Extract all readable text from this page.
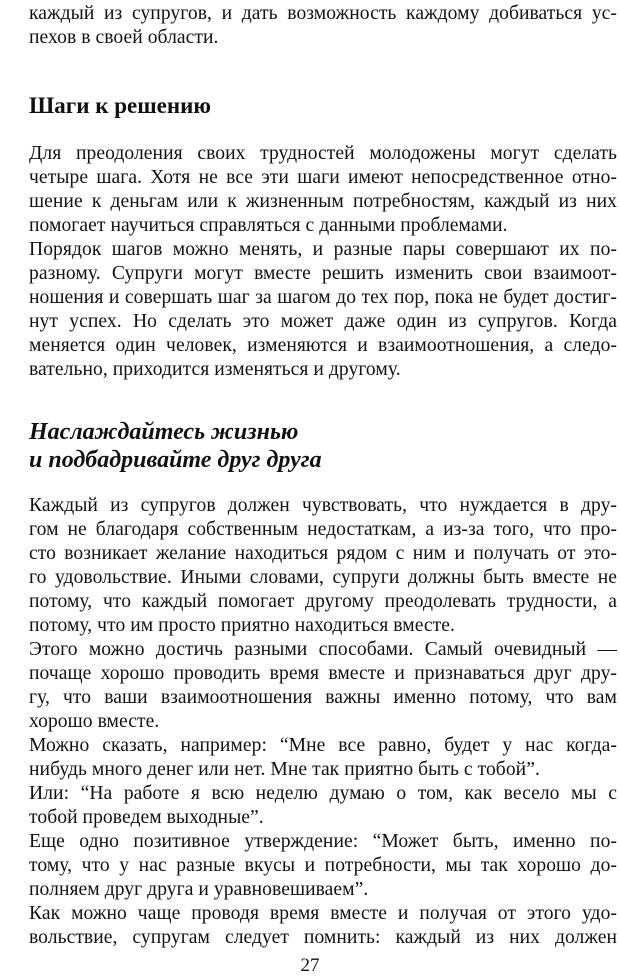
каждый из супругов, и дать возможность каждому добиваться ус-
пехов в своей области.
Шаги к решению
Для преодоления своих трудностей молодожены могут сделать
четыре шага. Хотя не все эти шаги имеют непосредственное отно-
шение к деньгам или к жизненным потребностям, каждый из них
помогает научиться справляться с данными проблемами.
Порядок шагов можно менять, и разные пары совершают их по-
разному. Супруги могут вместе решить изменить свои взаимоот-
ношения и совершать шаг за шагом до тех пор, пока не будет достиг-
нут успех. Но сделать это может даже один из супругов. Когда
меняется один человек, изменяются и взаимоотношения, а следо-
вательно, приходится изменяться и другому.
Наслаждайтесь жизнью
и подбадривайте друг друга
Каждый из супругов должен чувствовать, что нуждается в дру-
гом не благодаря собственным недостаткам, а из-за того, что про-
сто возникает желание находиться рядом с ним и получать от это-
го удовольствие. Иными словами, супруги должны быть вместе не
потому, что каждый помогает другому преодолевать трудности, а
потому, что им просто приятно находиться вместе.
Этого можно достичь разными способами. Самый очевидный —
почаще хорошо проводить время вместе и признаваться друг дру-
гу, что ваши взаимоотношения важны именно потому, что вам
хорошо вместе.
Можно сказать, например: “Мне все равно, будет у нас когда-
нибудь много денег или нет. Мне так приятно быть с тобой”.
Или: “На работе я всю неделю думаю о том, как весело мы с
тобой проведем выходные”.
Еще одно позитивное утверждение: “Может быть, именно по-
тому, что у нас разные вкусы и потребности, мы так хорошо до-
полняем друг друга и уравновешиваем”.
Как можно чаще проводя время вместе и получая от этого удо-
вольствие, супругам следует помнить: каждый из них должен
27
